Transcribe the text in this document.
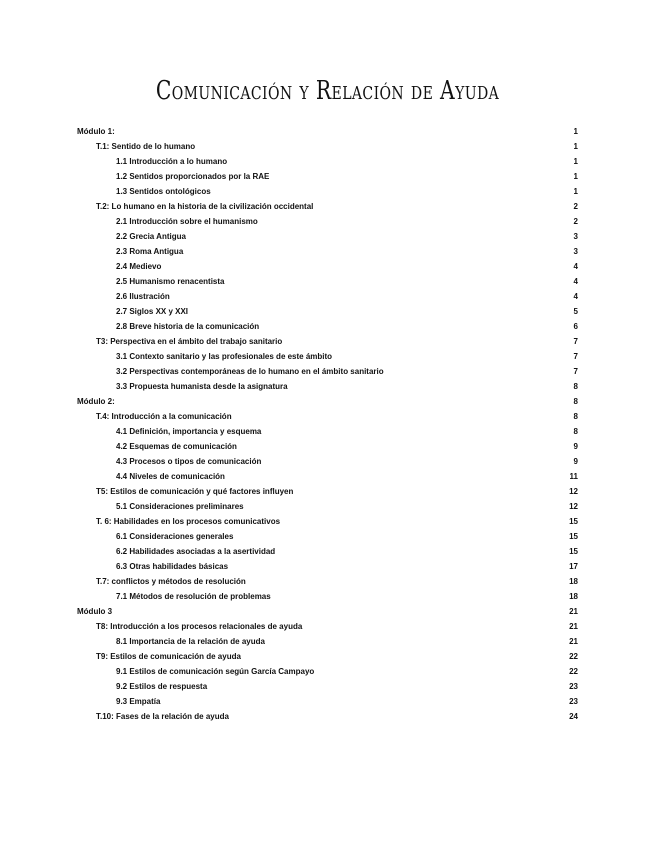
Comunicación y Relación de Ayuda
Módulo 1:	1
T.1: Sentido de lo humano	1
1.1 Introducción a lo humano	1
1.2 Sentidos proporcionados por la RAE	1
1.3 Sentidos ontológicos	1
T.2: Lo humano en la historia de la civilización occidental	2
2.1 Introducción sobre el humanismo	2
2.2 Grecia Antigua	3
2.3 Roma Antigua	3
2.4 Medievo	4
2.5 Humanismo renacentista	4
2.6 Ilustración	4
2.7 Siglos XX y XXI	5
2.8 Breve historia de la comunicación	6
T3: Perspectiva en el ámbito del trabajo sanitario	7
3.1 Contexto sanitario y las profesionales de este ámbito	7
3.2 Perspectivas contemporáneas de lo humano en el ámbito sanitario	7
3.3 Propuesta humanista desde la asignatura	8
Módulo 2:	8
T.4: Introducción a la comunicación	8
4.1 Definición, importancia y esquema	8
4.2 Esquemas de comunicación	9
4.3 Procesos o tipos de comunicación	9
4.4 Niveles de comunicación	11
T5: Estilos de comunicación y qué factores influyen	12
5.1 Consideraciones preliminares	12
T. 6: Habilidades en los procesos comunicativos	15
6.1 Consideraciones generales	15
6.2 Habilidades asociadas a la asertividad	15
6.3 Otras habilidades básicas	17
T.7: conflictos y métodos de resolución	18
7.1 Métodos de resolución de problemas	18
Módulo 3	21
T8: Introducción a los procesos relacionales de ayuda	21
8.1 Importancia de la relación de ayuda	21
T9: Estilos de comunicación de ayuda	22
9.1 Estilos de comunicación según García Campayo	22
9.2 Estilos de respuesta	23
9.3 Empatía	23
T.10: Fases de la relación de ayuda	24
